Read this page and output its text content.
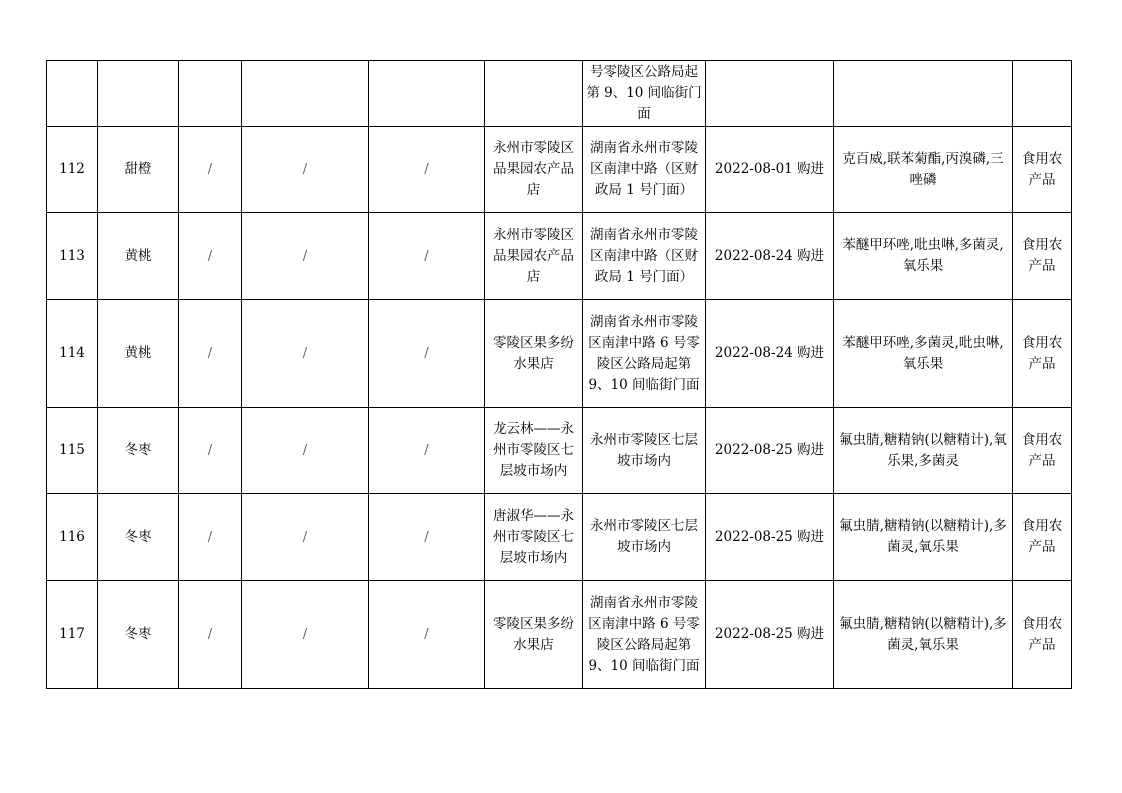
						号零陵区公路局起第 9、10 间临街门面			
112	甜橙	/	/	/	永州市零陵区品果园农产品店	湖南省永州市零陵区南津中路（区财政局 1 号门面）	2022-08-01 购进	克百威,联苯菊酯,丙溴磷,三唑磷	食用农产品
113	黄桃	/	/	/	永州市零陵区品果园农产品店	湖南省永州市零陵区南津中路（区财政局 1 号门面）	2022-08-24 购进	苯醚甲环唑,吡虫啉,多菌灵,氧乐果	食用农产品
114	黄桃	/	/	/	零陵区果多纷水果店	湖南省永州市零陵区南津中路 6 号零陵区公路局起第 9、10 间临街门面	2022-08-24 购进	苯醚甲环唑,多菌灵,吡虫啉,氧乐果	食用农产品
115	冬枣	/	/	/	龙云林——永州市零陵区七层坡市场内	永州市零陵区七层坡市场内	2022-08-25 购进	氟虫腈,糖精钠(以糖精计),氧乐果,多菌灵	食用农产品
116	冬枣	/	/	/	唐淑华——永州市零陵区七层坡市场内	永州市零陵区七层坡市场内	2022-08-25 购进	氟虫腈,糖精钠(以糖精计),多菌灵,氧乐果	食用农产品
117	冬枣	/	/	/	零陵区果多纷水果店	湖南省永州市零陵区南津中路 6 号零陵区公路局起第 9、10 间临街门面	2022-08-25 购进	氟虫腈,糖精钠(以糖精计),多菌灵,氧乐果	食用农产品
